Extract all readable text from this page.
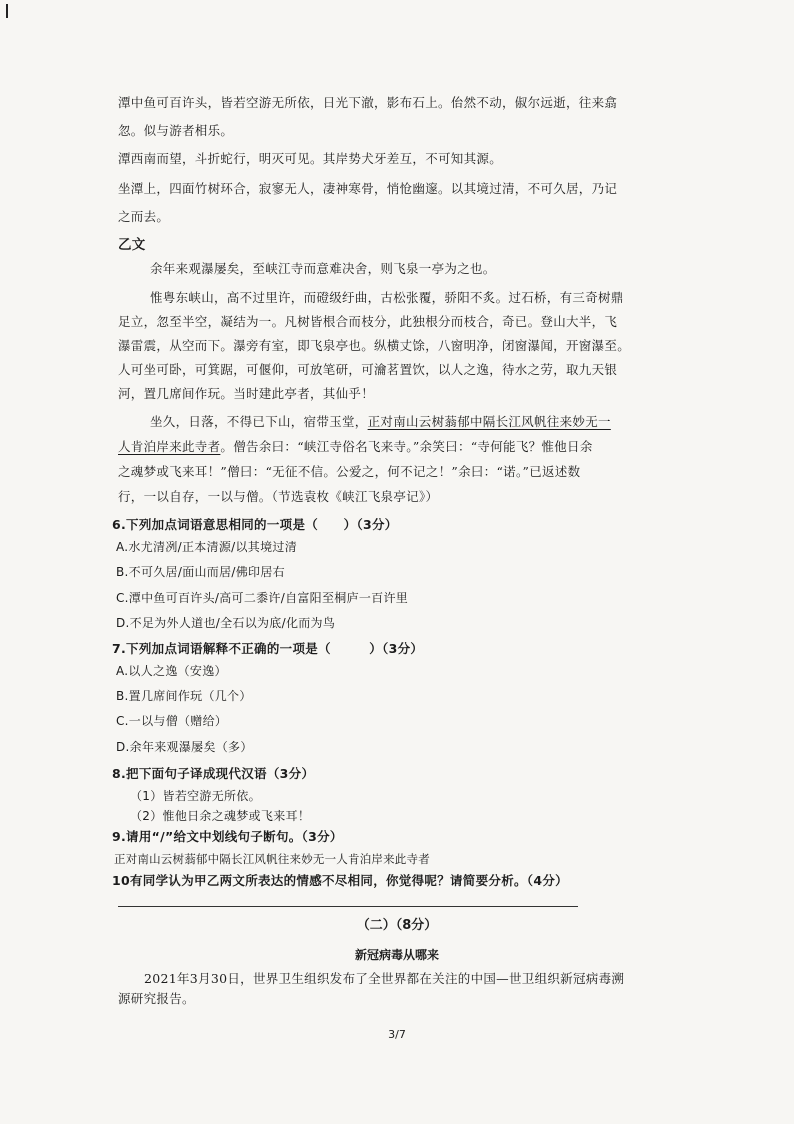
潭中鱼可百许头，皆若空游无所依，日光下澈，影布石上。佁然不动，俶尔远逝，往来翕
忽。似与游者相乐。
潭西南而望，斗折蛇行，明灭可见。其岸势犬牙差互，不可知其源。
坐潭上，四面竹树环合，寂寥无人，凄神寒骨，悄怆幽邃。以其境过清，不可久居，乃记
之而去。
乙文
余年来观瀑屡矣，至峡江寺而意难决舍，则飞泉一亭为之也。
惟粤东峡山，高不过里许，而磴级纡曲，古松张覆，骄阳不炙。过石桥，有三奇树鼎
足立，忽至半空，凝结为一。凡树皆根合而枝分，此独根分而枝合，奇已。登山大半，飞
瀑雷震，从空而下。瀑旁有室，即飞泉亭也。纵横丈馀，八窗明净，闭窗瀑闻，开窗瀑至。
人可坐可卧，可箕踞，可偃仰，可放笔研，可瀹茗置饮，以人之逸，待水之劳，取九天银
河，置几席间作玩。当时建此亭者，其仙乎！
坐久，日落，不得已下山，宿带玉堂，正对南山云树蓊郁中隔长江风帆往来妙无一
人肯泊岸来此寺者。僧告余曰：“峡江寺俗名飞来寺。”余笑曰：“寺何能飞？惟他日余
之魂梦或飞来耳！”僧曰：“无征不信。公爱之，何不记之！”余曰：“诺。”已返述数
行，一以自存，一以与僧。（节选袁枚《峡江飞泉亭记》）
6.下列加点词语意思相同的一项是（　　）（3分）
A.水尤清冽/正本清源/以其境过清
B.不可久居/面山而居/佛印居右
C.潭中鱼可百许头/高可二黍许/自富阳至桐庐一百许里
D.不足为外人道也/全石以为底/化而为鸟
7.下列加点词语解释不正确的一项是（　　　）（3分）
A.以人之逸（安逸）
B.置几席间作玩（几个）
C.一以与僧（赠给）
D.余年来观瀑屡矣（多）
8.把下面句子译成现代汉语（3分）
（1）皆若空游无所依。
（2）惟他日余之魂梦或飞来耳！
9.请用“/”给文中划线句子断句。（3分）
正对南山云树蓊郁中隔长江风帆往来妙无一人肯泊岸来此寺者
10有同学认为甲乙两文所表达的情感不尽相同，你觉得呢？请简要分析。（4分）
（二）（8分）
新冠病毒从哪来
2021年3月30日，世界卫生组织发布了全世界都在关注的中国—世卫组织新冠病毒溯
源研究报告。
3/7
